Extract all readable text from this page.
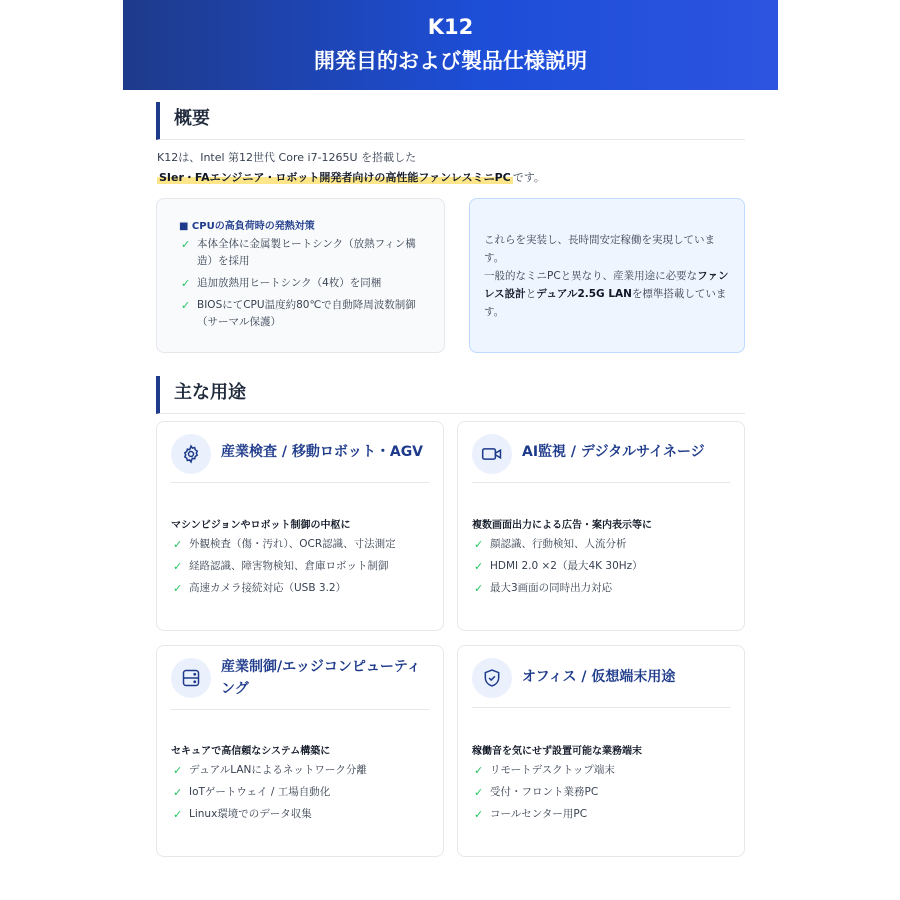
K12
開発目的および製品仕様説明
概要
K12は、Intel 第12世代 Core i7-1265U を搭載した
SIer・FAエンジニア・ロボット開発者向けの高性能ファンレスミニPC です。
■ CPUの高負荷時の発熱対策
✓ 本体全体に金属製ヒートシンク（放熱フィン構造）を採用
✓ 追加放熱用ヒートシンク（4枚）を同梱
✓ BIOSにてCPU温度約80℃で自動降周波数制御（サーマル保護）
これらを実装し、長時間安定稼働を実現しています。
一般的なミニPCと異なり、産業用途に必要なファンレス設計とデュアル2.5G LANを標準搭載しています。
主な用途
産業検査 / 移動ロボット・AGV
マシンビジョンやロボット制御の中枢に
✓ 外観検査（傷・汚れ）、OCR認識、寸法測定
✓ 経路認識、障害物検知、倉庫ロボット制御
✓ 高速カメラ接続対応（USB 3.2）
AI監視 / デジタルサイネージ
複数画面出力による広告・案内表示等に
✓ 顔認識、行動検知、人流分析
✓ HDMI 2.0 ×2（最大4K 30Hz）
✓ 最大3画面の同時出力対応
産業制御/エッジコンピューティング
セキュアで高信頼なシステム構築に
✓ デュアルLANによるネットワーク分離
✓ IoTゲートウェイ / 工場自動化
✓ Linux環境でのデータ収集
オフィス / 仮想端末用途
稼働音を気にせず設置可能な業務端末
✓ リモートデスクトップ端末
✓ 受付・フロント業務PC
✓ コールセンター用PC
